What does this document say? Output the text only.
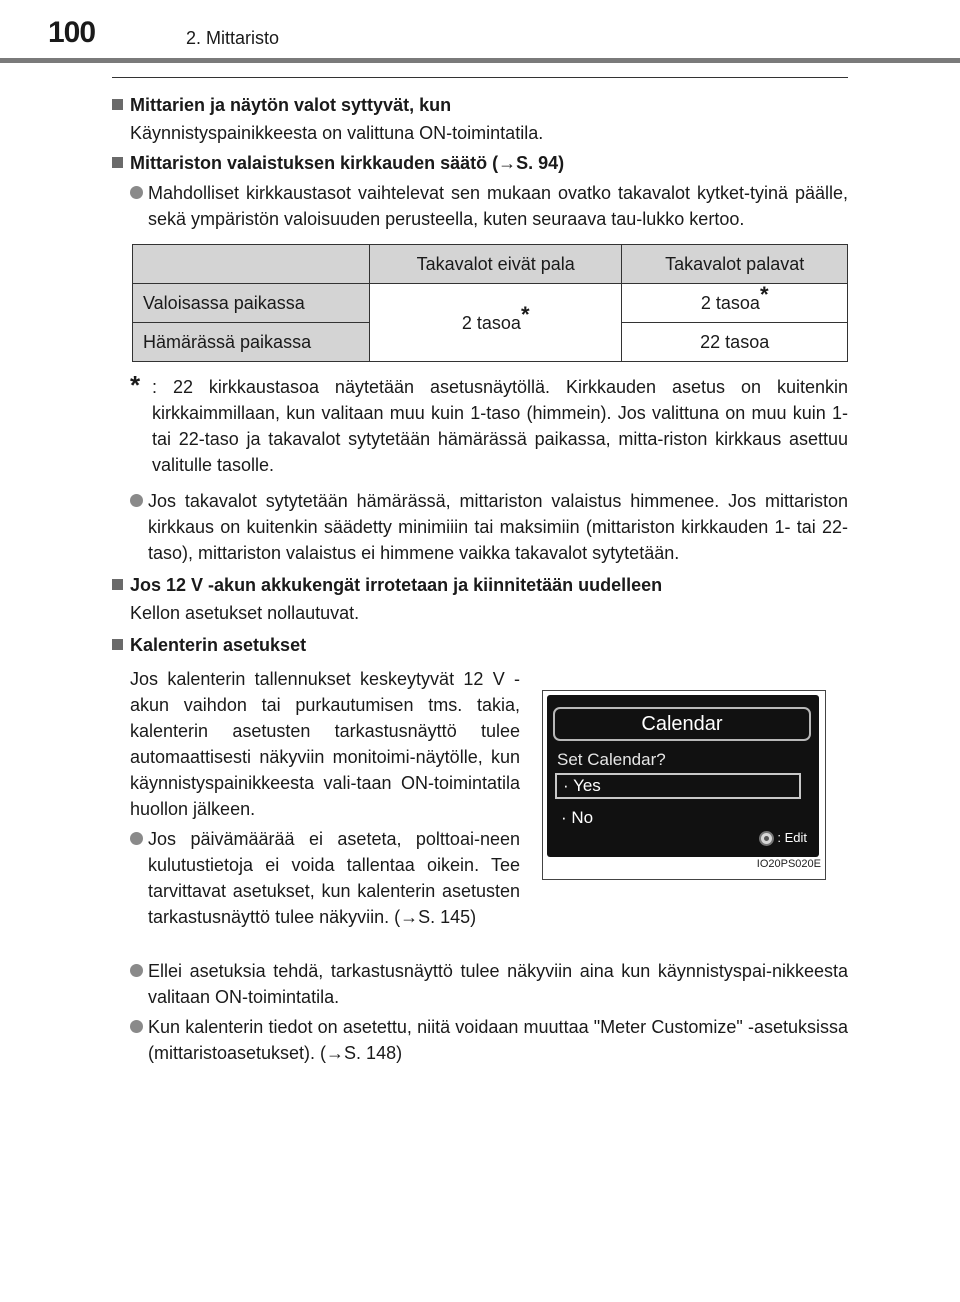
100	2. Mittaristo
Mittarien ja näytön valot syttyvät, kun
Käynnistyspainikkeesta on valittuna ON-toimintatila.
Mittariston valaistuksen kirkkauden säätö (→S. 94)
Mahdolliset kirkkaustasot vaihtelevat sen mukaan ovatko takavalot kytket-tyinä päälle, sekä ympäristön valoisuuden perusteella, kuten seuraava tau-lukko kertoo.
	Takavalot eivät pala	Takavalot palavat
Valoisassa paikassa	2 tasoa*	2 tasoa*
Hämärässä paikassa		22 tasoa
* : 22 kirkkaustasoa näytetään asetusnäytöllä. Kirkkauden asetus on kuitenkin kirkkaimmillaan, kun valitaan muu kuin 1-taso (himmein). Jos valittuna on muu kuin 1- tai 22-taso ja takavalot sytytetään hämärässä paikassa, mitta-riston kirkkaus asettuu valitulle tasolle.
Jos takavalot sytytetään hämärässä, mittariston valaistus himmenee. Jos mittariston kirkkaus on kuitenkin säädetty minimiiin tai maksimiin (mittariston kirkkauden 1- tai 22-taso), mittariston valaistus ei himmene vaikka takavalot sytytetään.
Jos 12 V -akun akkukengät irrotetaan ja kiinnitetään uudelleen
Kellon asetukset nollautuvat.
Kalenterin asetukset
Jos kalenterin tallennukset keskeytyvät 12 V -akun vaihdon tai purkautumisen tms. takia, kalenterin asetusten tarkastusnäyttö tulee automaattisesti näkyviin monitoimi-näytölle, kun käynnistyspainikkeesta vali-taan ON-toimintatila huollon jälkeen.
Jos päivämäärää ei aseteta, polttoai-neen kulutustietoja ei voida tallentaa oikein. Tee tarvittavat asetukset, kun kalenterin asetusten tarkastusnäyttö tulee näkyviin. (→S. 145)
Calendar
Set Calendar?
· Yes
· No
: Edit
IO20PS020E
Ellei asetuksia tehdä, tarkastusnäyttö tulee näkyviin aina kun käynnistyspai-nikkeesta valitaan ON-toimintatila.
Kun kalenterin tiedot on asetettu, niitä voidaan muuttaa "Meter Customize" -asetuksissa (mittaristoasetukset). (→S. 148)
